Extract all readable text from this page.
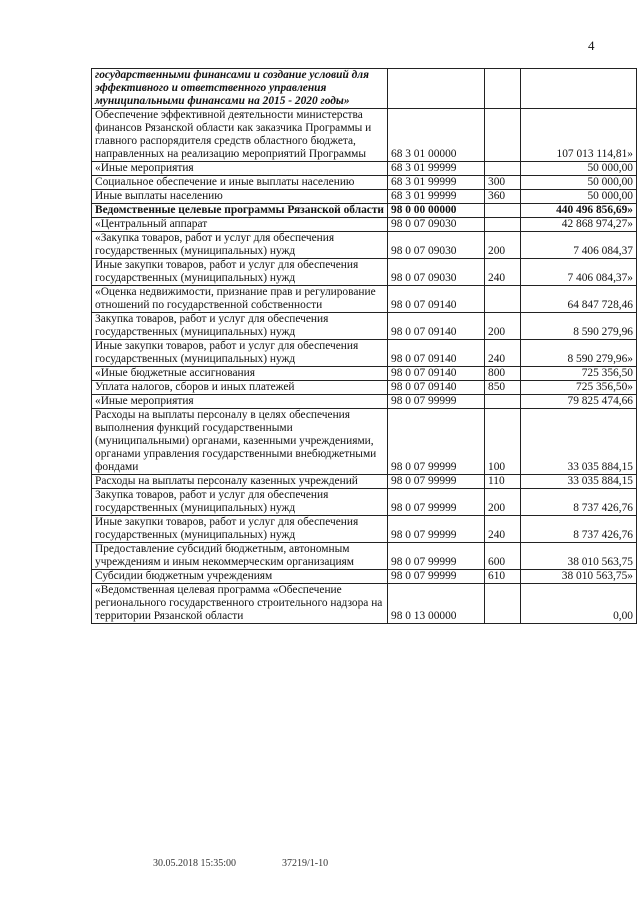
4
государственными финансами и создание условий для эффективного и ответственного управления муниципальными финансами на 2015 - 2020 годы»			
Обеспечение эффективной деятельности министерства финансов Рязанской области как заказчика Программы и главного распорядителя средств областного бюджета, направленных на реализацию мероприятий Программы	68 3 01 00000		107 013 114,81»
«Иные мероприятия	68 3 01 99999		50 000,00
Социальное обеспечение и иные выплаты населению	68 3 01 99999	300	50 000,00
Иные выплаты населению	68 3 01 99999	360	50 000,00
Ведомственные целевые программы Рязанской области	98 0 00 00000		440 496 856,69»
«Центральный аппарат	98 0 07 09030		42 868 974,27»
«Закупка товаров, работ и услуг для обеспечения государственных (муниципальных) нужд	98 0 07 09030	200	7 406 084,37
Иные закупки товаров, работ и услуг для обеспечения государственных (муниципальных) нужд	98 0 07 09030	240	7 406 084,37»
«Оценка недвижимости, признание прав и регулирование отношений по государственной собственности	98 0 07 09140		64 847 728,46
Закупка товаров, работ и услуг для обеспечения государственных (муниципальных) нужд	98 0 07 09140	200	8 590 279,96
Иные закупки товаров, работ и услуг для обеспечения государственных (муниципальных) нужд	98 0 07 09140	240	8 590 279,96»
«Иные бюджетные ассигнования	98 0 07 09140	800	725 356,50
Уплата налогов, сборов и иных платежей	98 0 07 09140	850	725 356,50»
«Иные мероприятия	98 0 07 99999		79 825 474,66
Расходы на выплаты персоналу в целях обеспечения выполнения функций государственными (муниципальными) органами, казенными учреждениями, органами управления государственными внебюджетными фондами	98 0 07 99999	100	33 035 884,15
Расходы на выплаты персоналу казенных учреждений	98 0 07 99999	110	33 035 884,15
Закупка товаров, работ и услуг для обеспечения государственных (муниципальных) нужд	98 0 07 99999	200	8 737 426,76
Иные закупки товаров, работ и услуг для обеспечения государственных (муниципальных) нужд	98 0 07 99999	240	8 737 426,76
Предоставление субсидий бюджетным, автономным учреждениям и иным некоммерческим организациям	98 0 07 99999	600	38 010 563,75
Субсидии бюджетным учреждениям	98 0 07 99999	610	38 010 563,75»
«Ведомственная целевая программа «Обеспечение регионального государственного строительного надзора на территории Рязанской области	98 0 13 00000		0,00
30.05.2018 15:35:00	37219/1-10
